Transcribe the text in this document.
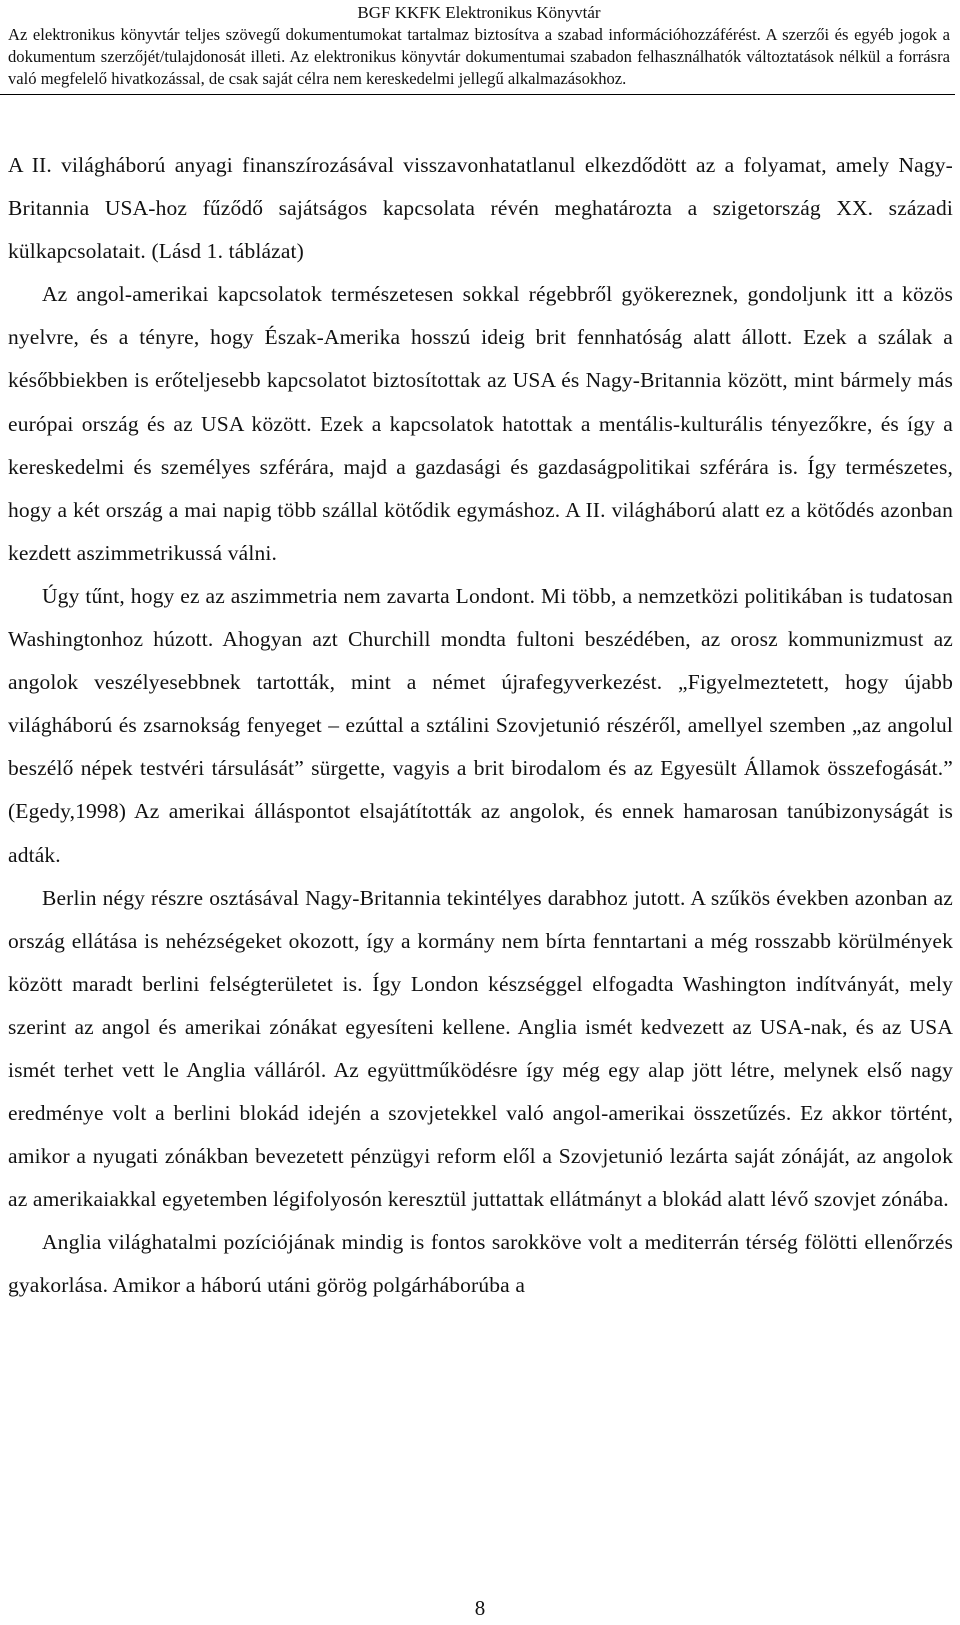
BGF KKFK Elektronikus Könyvtár
Az elektronikus könyvtár teljes szövegű dokumentumokat tartalmaz biztosítva a szabad információhozzáférést. A szerzői és egyéb jogok a dokumentum szerzőjét/tulajdonosát illeti. Az elektronikus könyvtár dokumentumai szabadon felhasználhatók változtatások nélkül a forrásra való megfelelő hivatkozással, de csak saját célra nem kereskedelmi jellegű alkalmazásokhoz.

A II. világháború anyagi finanszírozásával visszavonhatatlanul elkezdődött az a folyamat, amely Nagy-Britannia USA-hoz fűződő sajátságos kapcsolata révén meghatározta a szigetország XX. századi külkapcsolatait. (Lásd 1. táblázat)

Az angol-amerikai kapcsolatok természetesen sokkal régebbről gyökereznek, gondoljunk itt a közös nyelvre, és a tényre, hogy Észak-Amerika hosszú ideig brit fennhatóság alatt állott. Ezek a szálak a későbbiekben is erőteljesebb kapcsolatot biztosítottak az USA és Nagy-Britannia között, mint bármely más európai ország és az USA között. Ezek a kapcsolatok hatottak a mentális-kulturális tényezőkre, és így a kereskedelmi és személyes szférára, majd a gazdasági és gazdaságpolitikai szférára is. Így természetes, hogy a két ország a mai napig több szállal kötődik egymáshoz. A II. világháború alatt ez a kötődés azonban kezdett aszimmetrikussá válni.

Úgy tűnt, hogy ez az aszimmetria nem zavarta Londont. Mi több, a nemzetközi politikában is tudatosan Washingtonhoz húzott. Ahogyan azt Churchill mondta fultoni beszédében, az orosz kommunizmust az angolok veszélyesebbnek tartották, mint a német újrafegyverkezést. „Figyelmeztetett, hogy újabb világháború és zsarnokság fenyeget – ezúttal a sztálini Szovjetunió részéről, amellyel szemben „az angolul beszélő népek testvéri társulását” sürgette, vagyis a brit birodalom és az Egyesült Államok összefogását.” (Egedy,1998) Az amerikai álláspontot elsajátították az angolok, és ennek hamarosan tanúbizonyságát is adták.

Berlin négy részre osztásával Nagy-Britannia tekintélyes darabhoz jutott. A szűkös években azonban az ország ellátása is nehézségeket okozott, így a kormány nem bírta fenntartani a még rosszabb körülmények között maradt berlini felségterületet is. Így London készséggel elfogadta Washington indítványát, mely szerint az angol és amerikai zónákat egyesíteni kellene. Anglia ismét kedvezett az USA-nak, és az USA ismét terhet vett le Anglia válláról. Az együttműködésre így még egy alap jött létre, melynek első nagy eredménye volt a berlini blokád idején a szovjetekkel való angol-amerikai összetűzés. Ez akkor történt, amikor a nyugati zónákban bevezetett pénzügyi reform elől a Szovjetunió lezárta saját zónáját, az angolok az amerikaiakkal egyetemben légifolyosón keresztül juttattak ellátmányt a blokád alatt lévő szovjet zónába.

Anglia világhatalmi pozíciójának mindig is fontos sarokköve volt a mediterrán térség fölötti ellenőrzés gyakorlása. Amikor a háború utáni görög polgárháborúba a

8
